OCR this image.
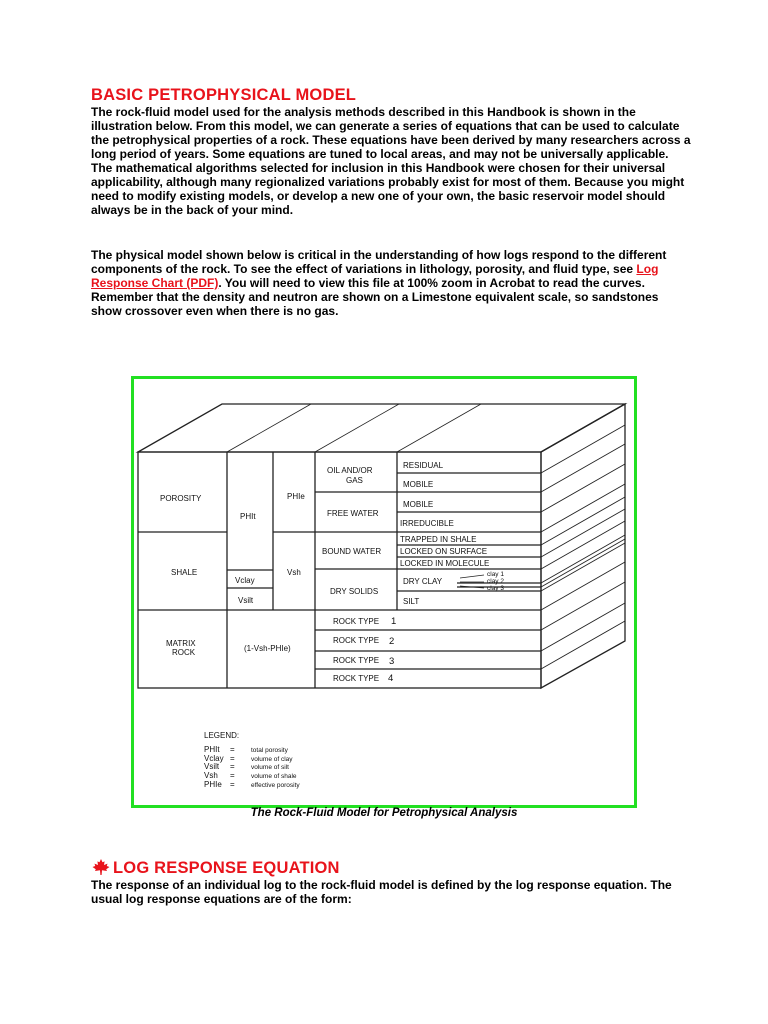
BASIC PETROPHYSICAL MODEL

The rock-fluid model used for the analysis methods described in this Handbook is shown in the illustration below. From this model, we can generate a series of equations that can be used to calculate the petrophysical properties of a rock. These equations have been derived by many researchers across a long period of years. Some equations are tuned to local areas, and may not be universally applicable. The mathematical algorithms selected for inclusion in this Handbook were chosen for their universal applicability, although many regionalized variations probably exist for most of them. Because you might need to modify existing models, or develop a new one of your own, the basic reservoir model should always be in the back of your mind.

The physical model shown below is critical in the understanding of how logs respond to the different components of the rock. To see the effect of variations in lithology, porosity, and fluid type, see Log Response Chart (PDF). You will need to view this file at 100% zoom in Acrobat to read the curves. Remember that the density and neutron are shown on a Limestone equivalent scale, so sandstones show crossover even when there is no gas.

POROSITY
SHALE
MATRIX
ROCK
PHIt
Vclay
Vsilt
(1-Vsh-PHIe)
PHIe
Vsh
OIL AND/OR
GAS
FREE WATER
BOUND WATER
DRY SOLIDS
ROCK TYPE 1
ROCK TYPE 2
ROCK TYPE 3
ROCK TYPE 4
RESIDUAL
MOBILE
MOBILE
IRREDUCIBLE
TRAPPED IN SHALE
LOCKED ON SURFACE
LOCKED IN MOLECULE
DRY CLAY
SILT
clay 1
clay 2
clay 3
LEGEND:
PHIt =	total porosity
Vclay =	volume of clay
Vsilt =	volume of silt
Vsh =	volume of shale
PHIe =	effective porosity

The Rock-Fluid Model for Petrophysical Analysis

LOG RESPONSE EQUATION

The response of an individual log to the rock-fluid model is defined by the log response equation. The usual log response equations are of the form:
